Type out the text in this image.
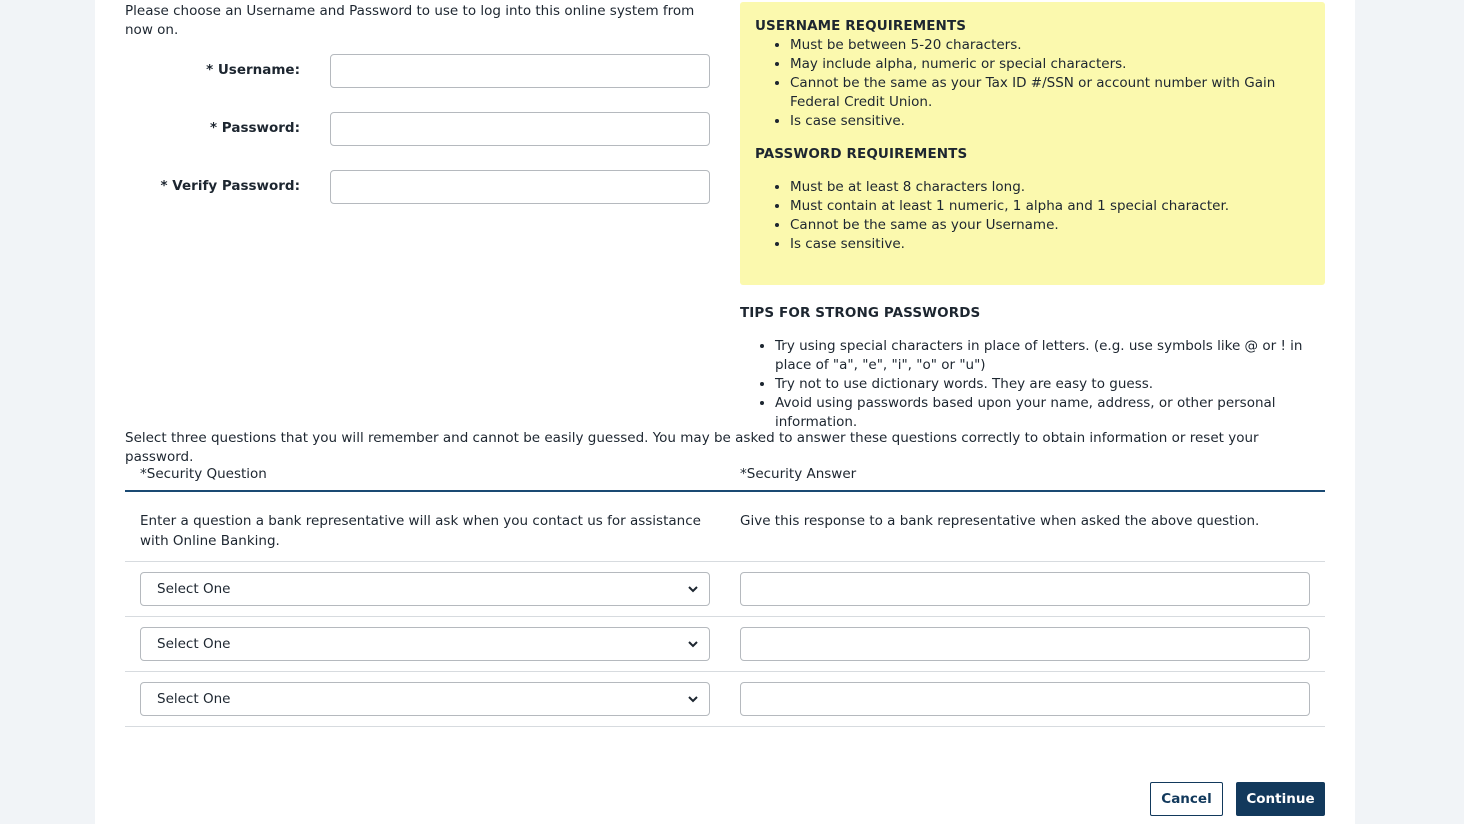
Please choose an Username and Password to use to log into this online system from now on.

* Username:
* Password:
* Verify Password:
USERNAME REQUIREMENTS
• Must be between 5-20 characters.
• May include alpha, numeric or special characters.
• Cannot be the same as your Tax ID #/SSN or account number with Gain Federal Credit Union.
• Is case sensitive.
PASSWORD REQUIREMENTS
• Must be at least 8 characters long.
• Must contain at least 1 numeric, 1 alpha and 1 special character.
• Cannot be the same as your Username.
• Is case sensitive.
TIPS FOR STRONG PASSWORDS
• Try using special characters in place of letters. (e.g. use symbols like @ or ! in place of "a", "e", "i", "o" or "u")
• Try not to use dictionary words. They are easy to guess.
• Avoid using passwords based upon your name, address, or other personal information.

Select three questions that you will remember and cannot be easily guessed. You may be asked to answer these questions correctly to obtain information or reset your password.

*Security Question	*Security Answer
Enter a question a bank representative will ask when you contact us for assistance with Online Banking.
Give this response to a bank representative when asked the above question.
Select One
Select One
Select One
Cancel	Continue
